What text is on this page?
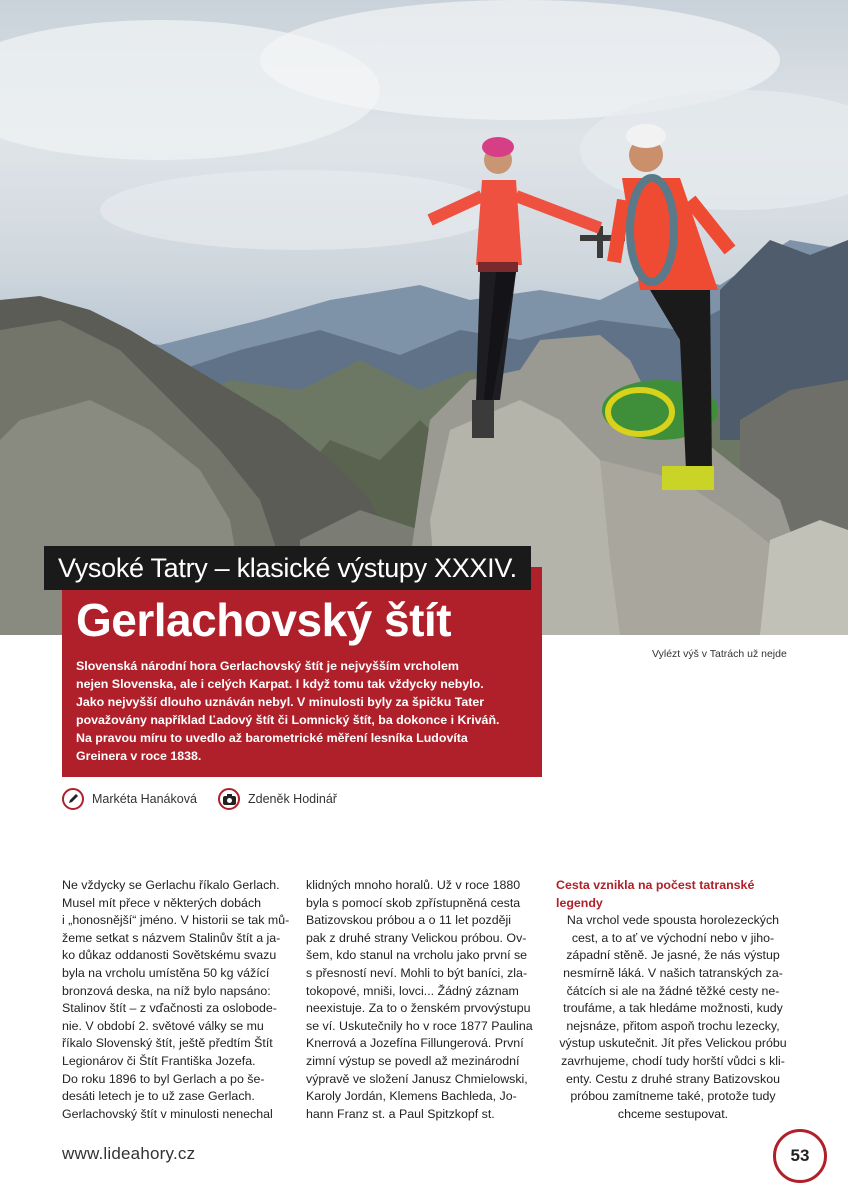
Vysoké Tatry – klasické výstupy XXXIV.
Gerlachovský štít

Slovenská národní hora Gerlachovský štít je nejvyšším vrcholem

nejen Slovenska, ale i celých Karpat. I když tomu tak vždycky nebylo.

Jako nejvyšší dlouho uznáván nebyl. V minulosti byly za špičku Tater

považovány například Ľadový štít či Lomnický štít, ba dokonce i Kriváň.

Na pravou míru to uvedlo až barometrické měření lesníka Ludovíta

Greinera v roce 1838.

Vylézt výš v Tatrách už nejde
Markéta Hanáková	Zdeněk Hodinář

Ne vždycky se Gerlachu říkalo Gerlach.

Musel mít přece v některých dobách

i „honosnější“ jméno. V historii se tak mů-

žeme setkat s názvem Stalinův štít a ja-

ko důkaz oddanosti Sovětskému svazu

byla na vrcholu umístěna 50 kg vážící

bronzová deska, na níž bylo napsáno:

Stalinov štít – z vďačnosti za oslobode-

nie. V období 2. světové války se mu

říkalo Slovenský štít, ještě předtím Štít

Legionárov či Štít Františka Jozefa.

Do roku 1896 to byl Gerlach a po še-

desáti letech je to už zase Gerlach.

Gerlachovský štít v minulosti nenechal

klidných mnoho horalů. Už v roce 1880

byla s pomocí skob zpřístupněná cesta

Batizovskou próbou a o 11 let později

pak z druhé strany Velickou próbou. Ov-

šem, kdo stanul na vrcholu jako první se

s přesností neví. Mohli to být baníci, zla-

tokopové, mniši, lovci... Žádný záznam

neexistuje. Za to o ženském prvovýstupu

se ví. Uskutečnily ho v roce 1877 Paulina

Knerrová a Jozefína Fillungerová. První

zimní výstup se povedl až mezinárodní

výpravě ve složení Janusz Chmielowski,

Karoly Jordán, Klemens Bachleda, Jo-

hann Franz st. a Paul Spitzkopf st.

Cesta vznikla na počest tatranské
legendy

Na vrchol vede spousta horolezeckých

cest, a to ať ve východní nebo v jiho-

západní stěně. Je jasné, že nás výstup

nesmírně láká. V našich tatranských za-

čátcích si ale na žádné těžké cesty ne-

troufáme, a tak hledáme možnosti, kudy

nejsnáze, přitom aspoň trochu lezecky,

výstup uskutečnit. Jít přes Velickou próbu

zavrhujeme, chodí tudy horští vůdci s kli-

enty. Cestu z druhé strany Batizovskou

próbou zamítneme také, protože tudy

chceme sestupovat.

www.lideahory.cz	53
